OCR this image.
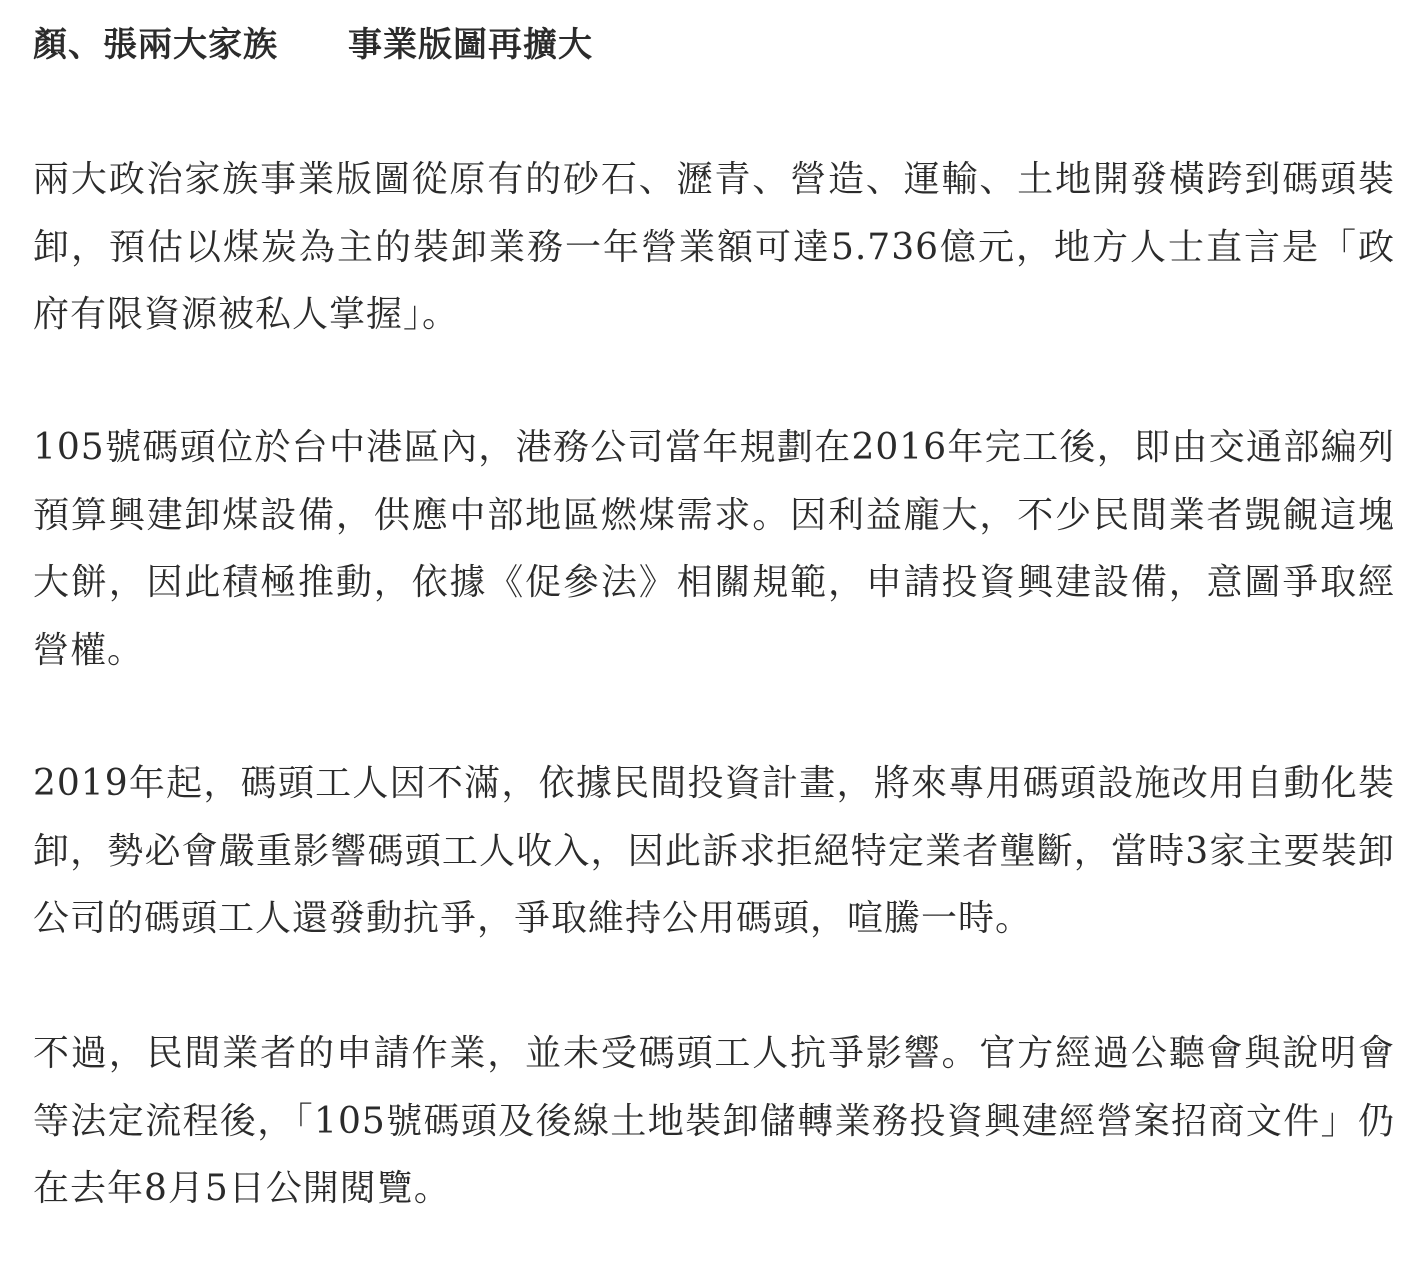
顏、張兩大家族　　事業版圖再擴大

兩大政治家族事業版圖從原有的砂石、瀝青、營造、運輸、土地開發橫跨到碼頭裝卸，預估以煤炭為主的裝卸業務一年營業額可達5.736億元，地方人士直言是「政府有限資源被私人掌握」。

105號碼頭位於台中港區內，港務公司當年規劃在2016年完工後，即由交通部編列預算興建卸煤設備，供應中部地區燃煤需求。因利益龐大，不少民間業者覬覦這塊大餅，因此積極推動，依據《促參法》相關規範，申請投資興建設備，意圖爭取經營權。

2019年起，碼頭工人因不滿，依據民間投資計畫，將來專用碼頭設施改用自動化裝卸，勢必會嚴重影響碼頭工人收入，因此訴求拒絕特定業者壟斷，當時3家主要裝卸公司的碼頭工人還發動抗爭，爭取維持公用碼頭，喧騰一時。

不過，民間業者的申請作業，並未受碼頭工人抗爭影響。官方經過公聽會與說明會等法定流程後，「105號碼頭及後線土地裝卸儲轉業務投資興建經營案招商文件」仍在去年8月5日公開閱覽。
